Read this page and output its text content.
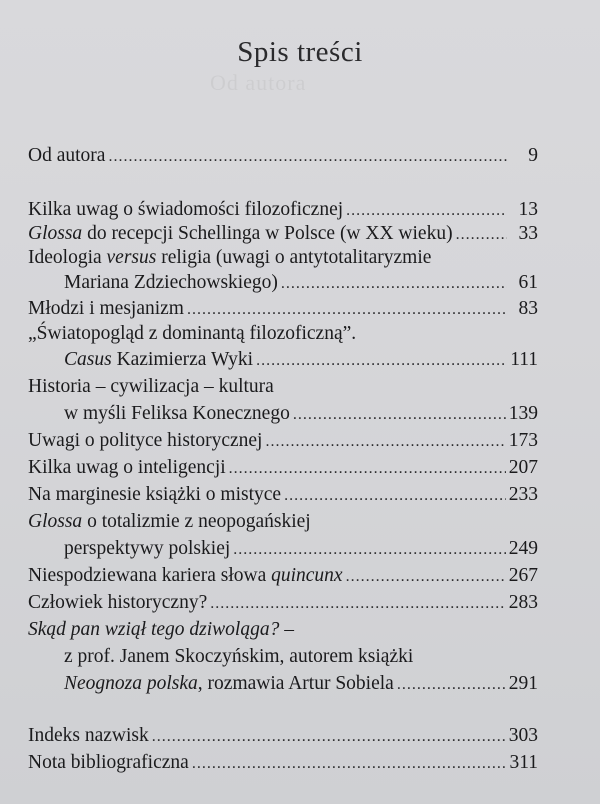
Od autora
Spis treści
Od autora .....	9
Kilka uwag o świadomości filozoficznej .....	13
Glossa do recepcji Schellinga w Polsce (w XX wieku) .....	33
Ideologia versus religia (uwagi o antytotalitaryzmie
Mariana Zdziechowskiego) .....	61
Młodzi i mesjanizm .....	83
„Światopogląd z dominantą filozoficzną”.
Casus Kazimierza Wyki .....	111
Historia – cywilizacja – kultura
w myśli Feliksa Konecznego .....	139
Uwagi o polityce historycznej .....	173
Kilka uwag o inteligencji .....	207
Na marginesie książki o mistyce .....	233
Glossa o totalizmie z neopogańskiej
perspektywy polskiej .....	249
Niespodziewana kariera słowa quincunx .....	267
Człowiek historyczny? .....	283
Skąd pan wziął tego dziwoląga? –
z prof. Janem Skoczyńskim, autorem książki
Neognoza polska, rozmawia Artur Sobiela .....	291
Indeks nazwisk .....	303
Nota bibliograficzna .....	311
